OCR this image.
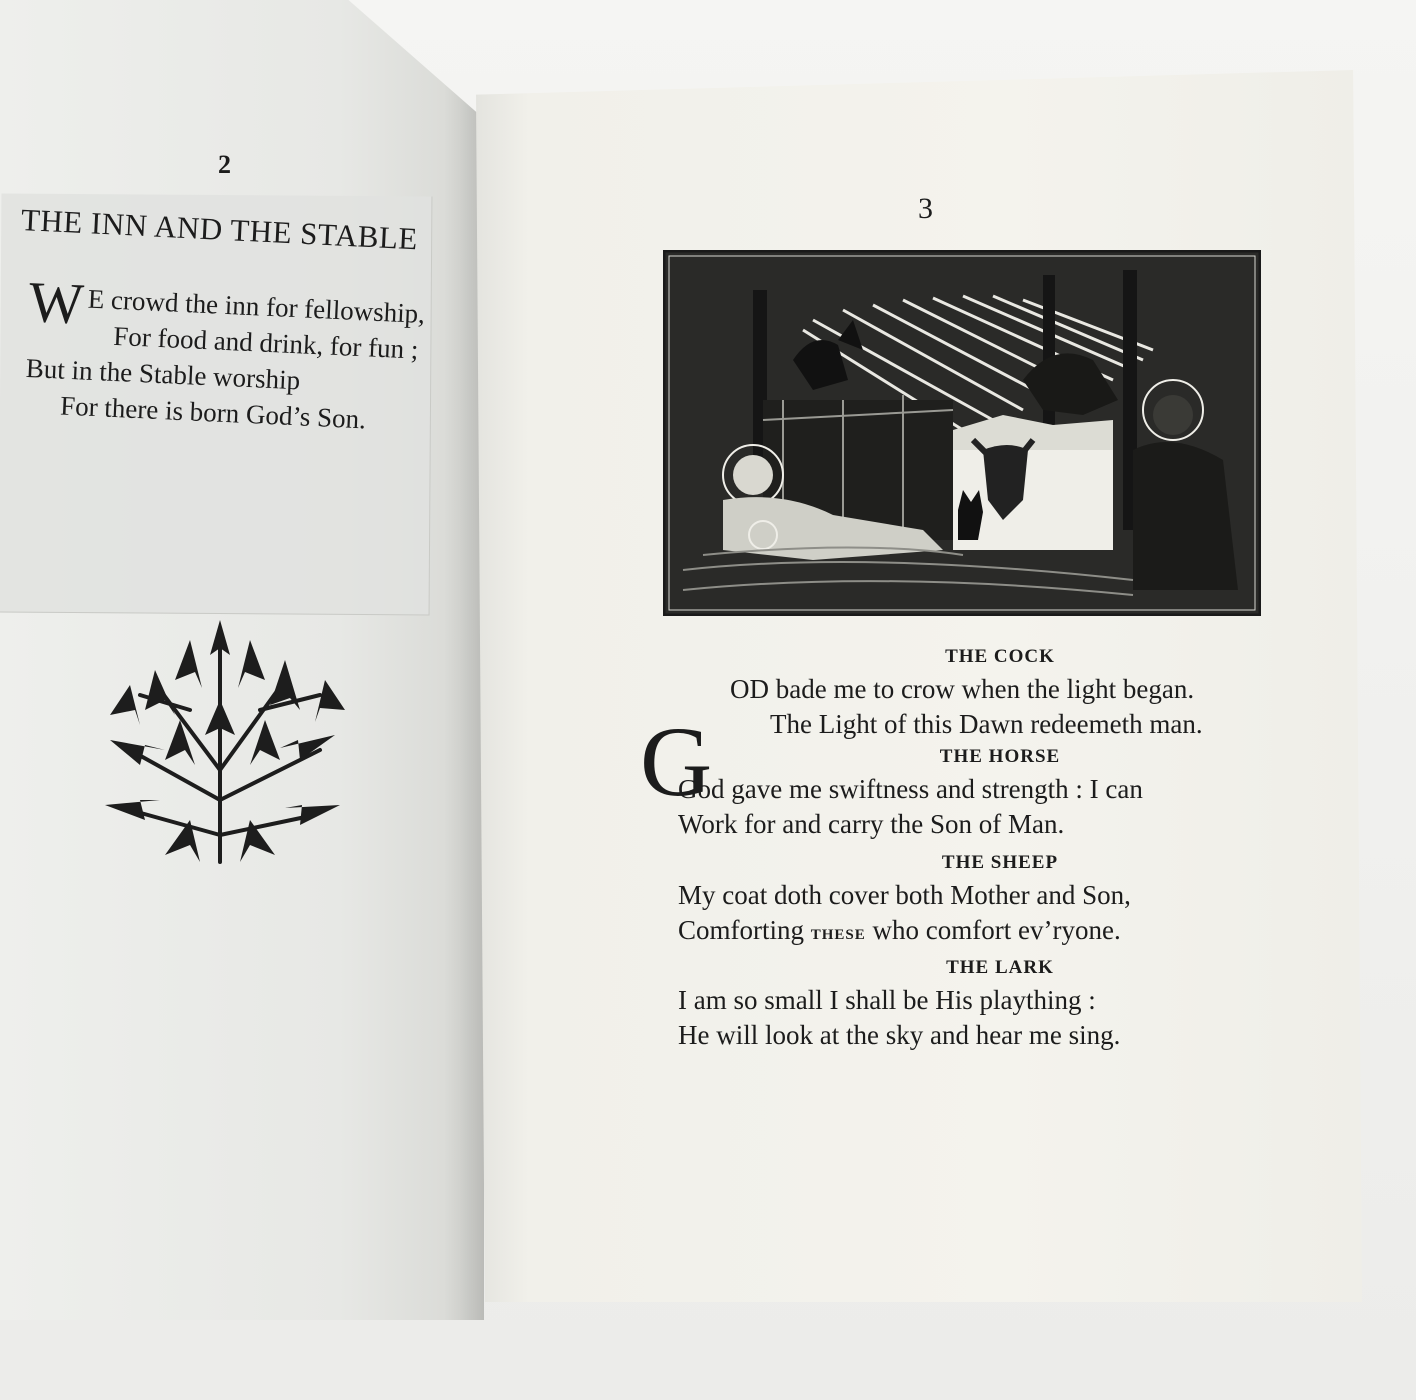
2
THE INN AND THE STABLE
W E crowd the inn for fellowship,
For food and drink, for fun ;
But in the Stable worship
For there is born God’s Son.
3
THE COCK
G
OD bade me to crow when the light began.
The Light of this Dawn redeemeth man.
THE HORSE
God gave me swiftness and strength : I can
Work for and carry the Son of Man.
THE SHEEP
My coat doth cover both Mother and Son,
Comforting these who comfort ev’ryone.
THE LARK
I am so small I shall be His plaything :
He will look at the sky and hear me sing.
